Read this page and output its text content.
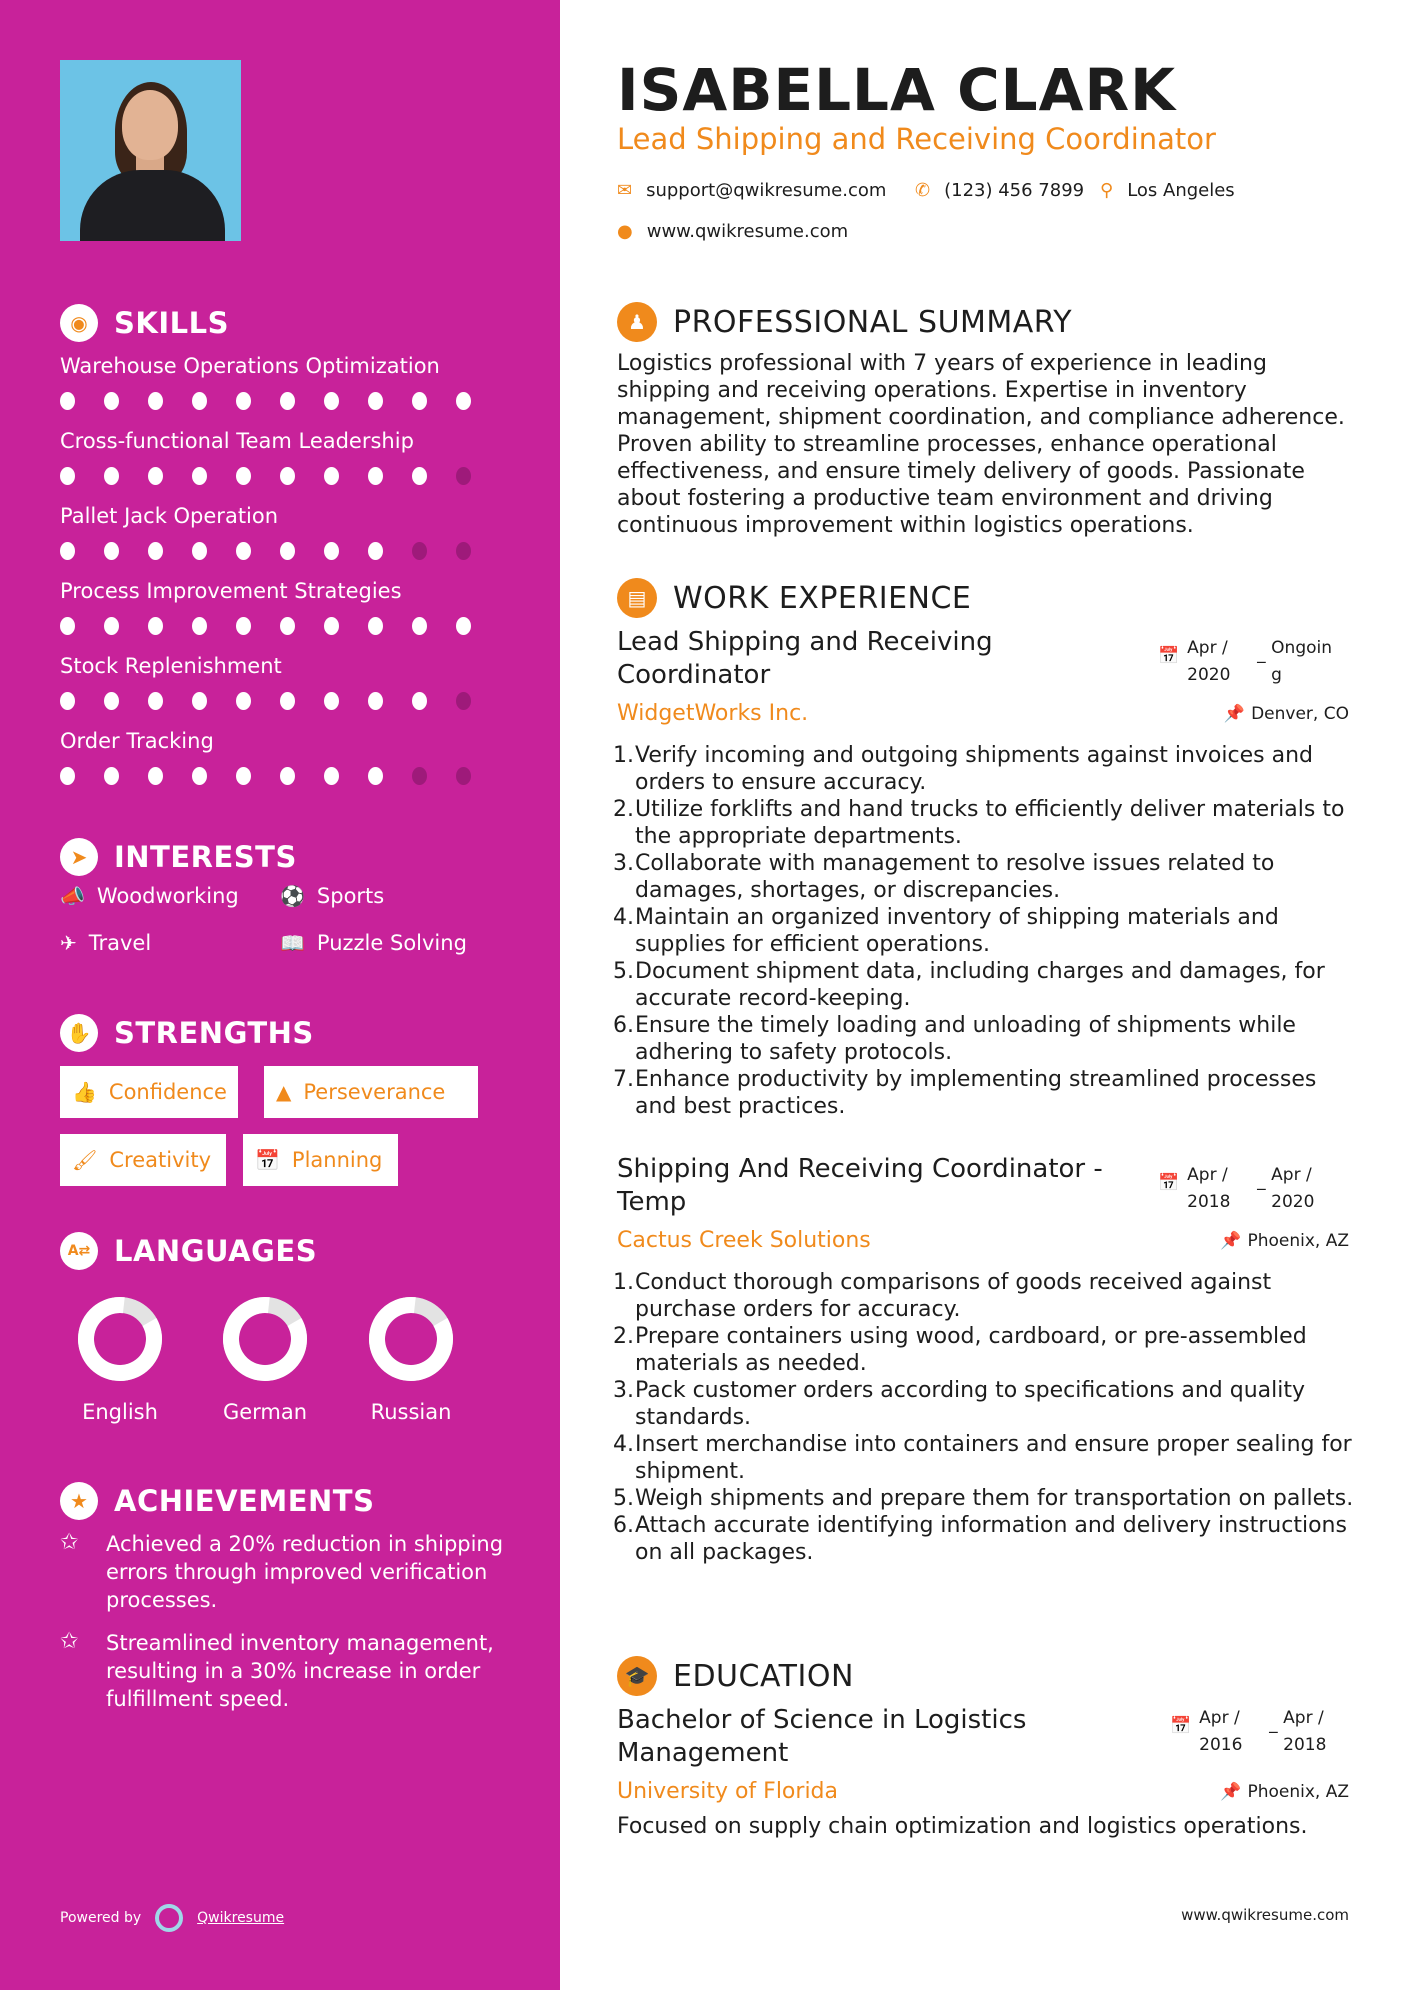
◉ SKILLS
Warehouse Operations Optimization
Cross-functional Team Leadership
Pallet Jack Operation
Process Improvement Strategies
Stock Replenishment
Order Tracking
➤ INTERESTS
📣 Woodworking ⚽ Sports
✈ Travel	📖 Puzzle Solving
✋ STRENGTHS
👍 Confidence ▲ Perseverance
🖌 Creativity 📅 Planning
A⇄ LANGUAGES
English	German	Russian
★ ACHIEVEMENTS
✩	Achieved a 20% reduction in shipping errors through improved verification processes.
✩	Streamlined inventory management, resulting in a 30% increase in order fulfillment speed.
Powered by	Qwikresume
ISABELLA CLARK
Lead Shipping and Receiving Coordinator
✉ support@qwikresume.com ✆ (123) 456 7899 ⚲ Los Angeles
● www.qwikresume.com
♟ PROFESSIONAL SUMMARY
Logistics professional with 7 years of experience in leading shipping and receiving operations. Expertise in inventory management, shipment coordination, and compliance adherence. Proven ability to streamline processes, enhance operational effectiveness, and ensure timely delivery of goods. Passionate about fostering a productive team environment and driving continuous improvement within logistics operations.
▤ WORK EXPERIENCE
Lead Shipping and Receiving Coordinator
📅 Apr / 2020
_ Ongoin g
WidgetWorks Inc.	📌 Denver, CO
1. Verify incoming and outgoing shipments against invoices and orders to ensure accuracy.
2. Utilize forklifts and hand trucks to efficiently deliver materials to the appropriate departments.
3. Collaborate with management to resolve issues related to damages, shortages, or discrepancies.
4. Maintain an organized inventory of shipping materials and supplies for efficient operations.
5. Document shipment data, including charges and damages, for accurate record-keeping.
6. Ensure the timely loading and unloading of shipments while adhering to safety protocols.
7. Enhance productivity by implementing streamlined processes and best practices.
Shipping And Receiving Coordinator - Temp
📅 Apr / 2018
_ Apr / 2020
Cactus Creek Solutions	📌 Phoenix, AZ
1. Conduct thorough comparisons of goods received against purchase orders for accuracy.
2. Prepare containers using wood, cardboard, or pre-assembled materials as needed.
3. Pack customer orders according to specifications and quality standards.
4. Insert merchandise into containers and ensure proper sealing for shipment.
5. Weigh shipments and prepare them for transportation on pallets.
6. Attach accurate identifying information and delivery instructions on all packages.
🎓 EDUCATION
Bachelor of Science in Logistics Management
📅 Apr / 2016
_ Apr / 2018
University of Florida	📌 Phoenix, AZ
Focused on supply chain optimization and logistics operations.
www.qwikresume.com
